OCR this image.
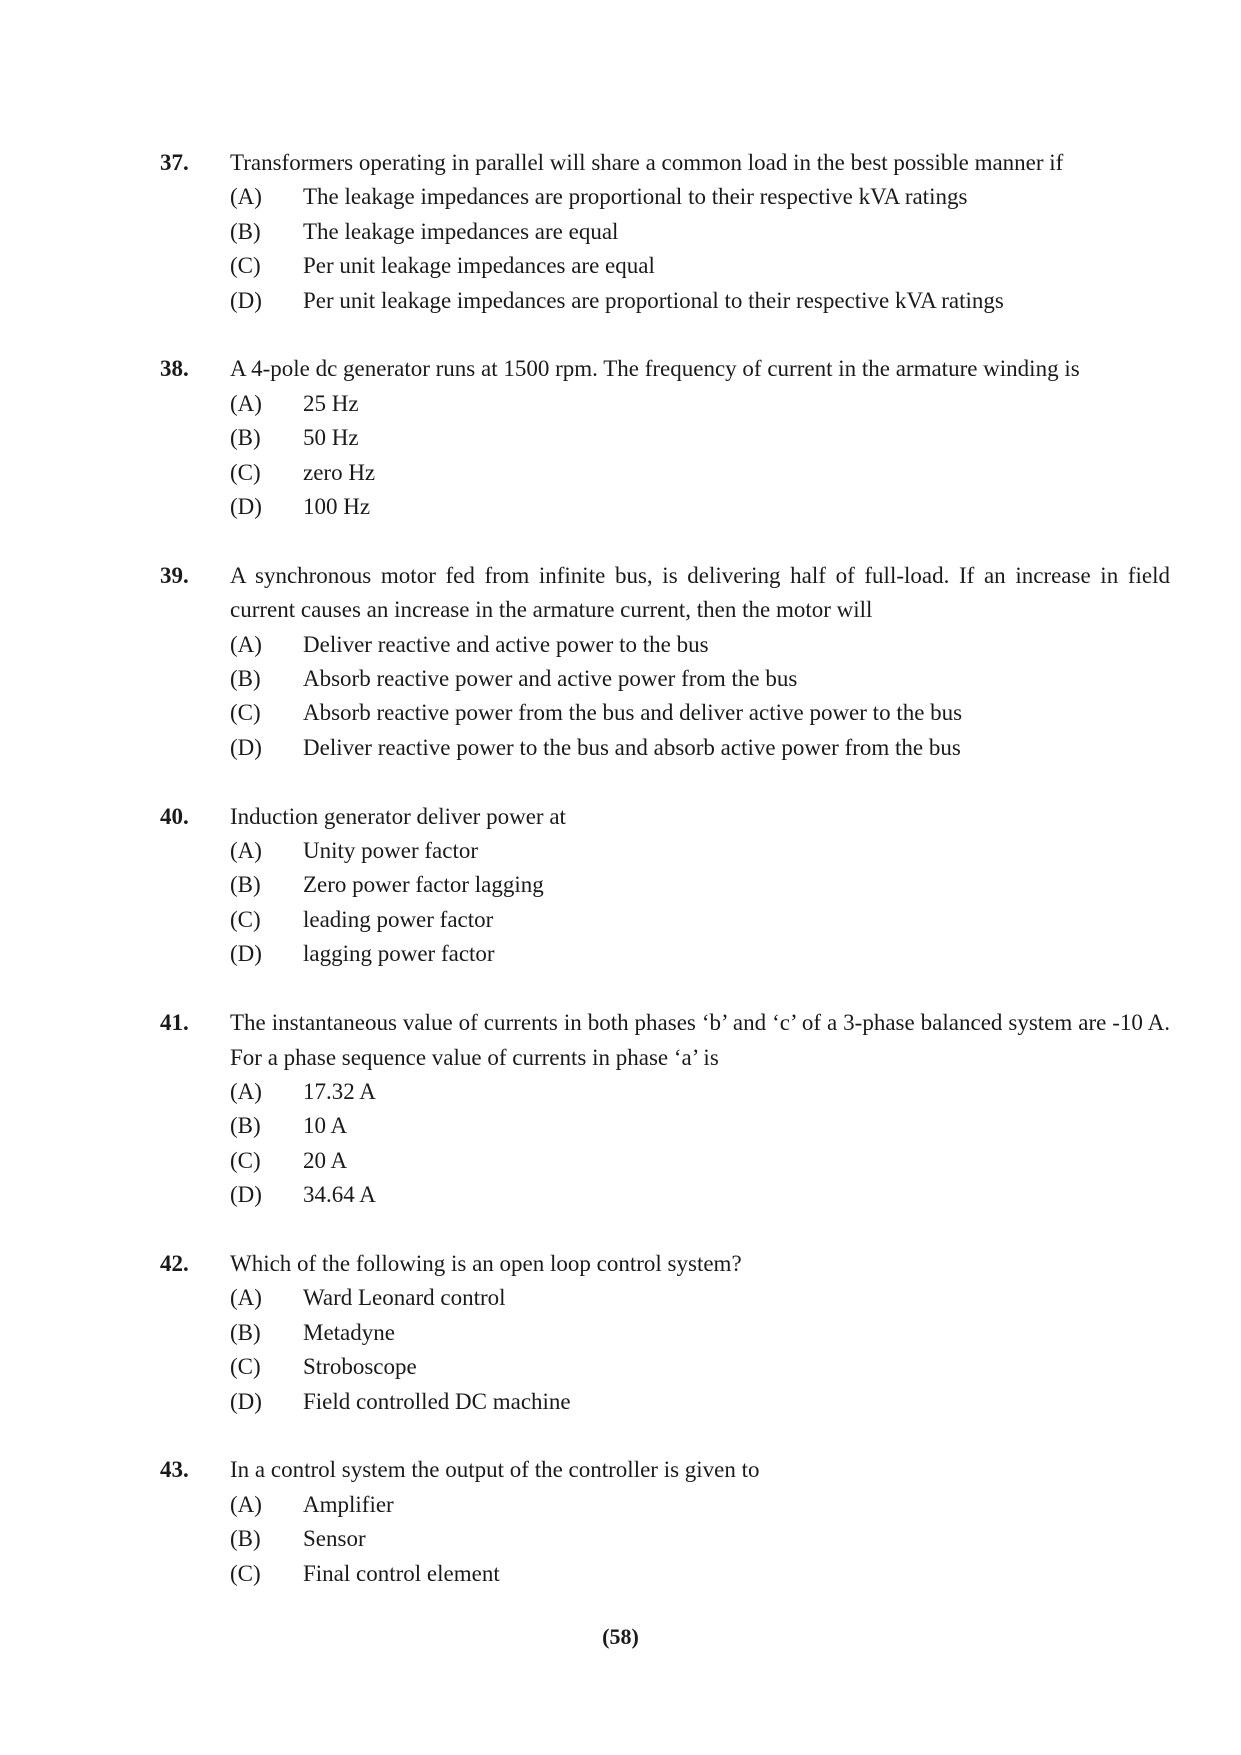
37.	Transformers operating in parallel will share a common load in the best possible manner if
(A)	The leakage impedances are proportional to their respective kVA ratings
(B)	The leakage impedances are equal
(C)	Per unit leakage impedances are equal
(D)	Per unit leakage impedances are proportional to their respective kVA ratings
38.	A 4-pole dc generator runs at 1500 rpm. The frequency of current in the armature winding is
(A)	25 Hz
(B)	50 Hz
(C)	zero Hz
(D)	100 Hz
39.	A synchronous motor fed from infinite bus, is delivering half of full-load. If an increase in field current causes an increase in the armature current, then the motor will
(A)	Deliver reactive and active power to the bus
(B)	Absorb reactive power and active power from the bus
(C)	Absorb reactive power from the bus and deliver active power to the bus
(D)	Deliver reactive power to the bus and absorb active power from the bus
40.	Induction generator deliver power at
(A)	Unity power factor
(B)	Zero power factor lagging
(C)	leading power factor
(D)	lagging power factor
41.	The instantaneous value of currents in both phases ‘b’ and ‘c’ of a 3-phase balanced system are -10 A. For a phase sequence value of currents in phase ‘a’ is
(A)	17.32 A
(B)	10 A
(C)	20 A
(D)	34.64 A
42.	Which of the following is an open loop control system?
(A)	Ward Leonard control
(B)	Metadyne
(C)	Stroboscope
(D)	Field controlled DC machine
43.	In a control system the output of the controller is given to
(A)	Amplifier
(B)	Sensor
(C)	Final control element
(58)
